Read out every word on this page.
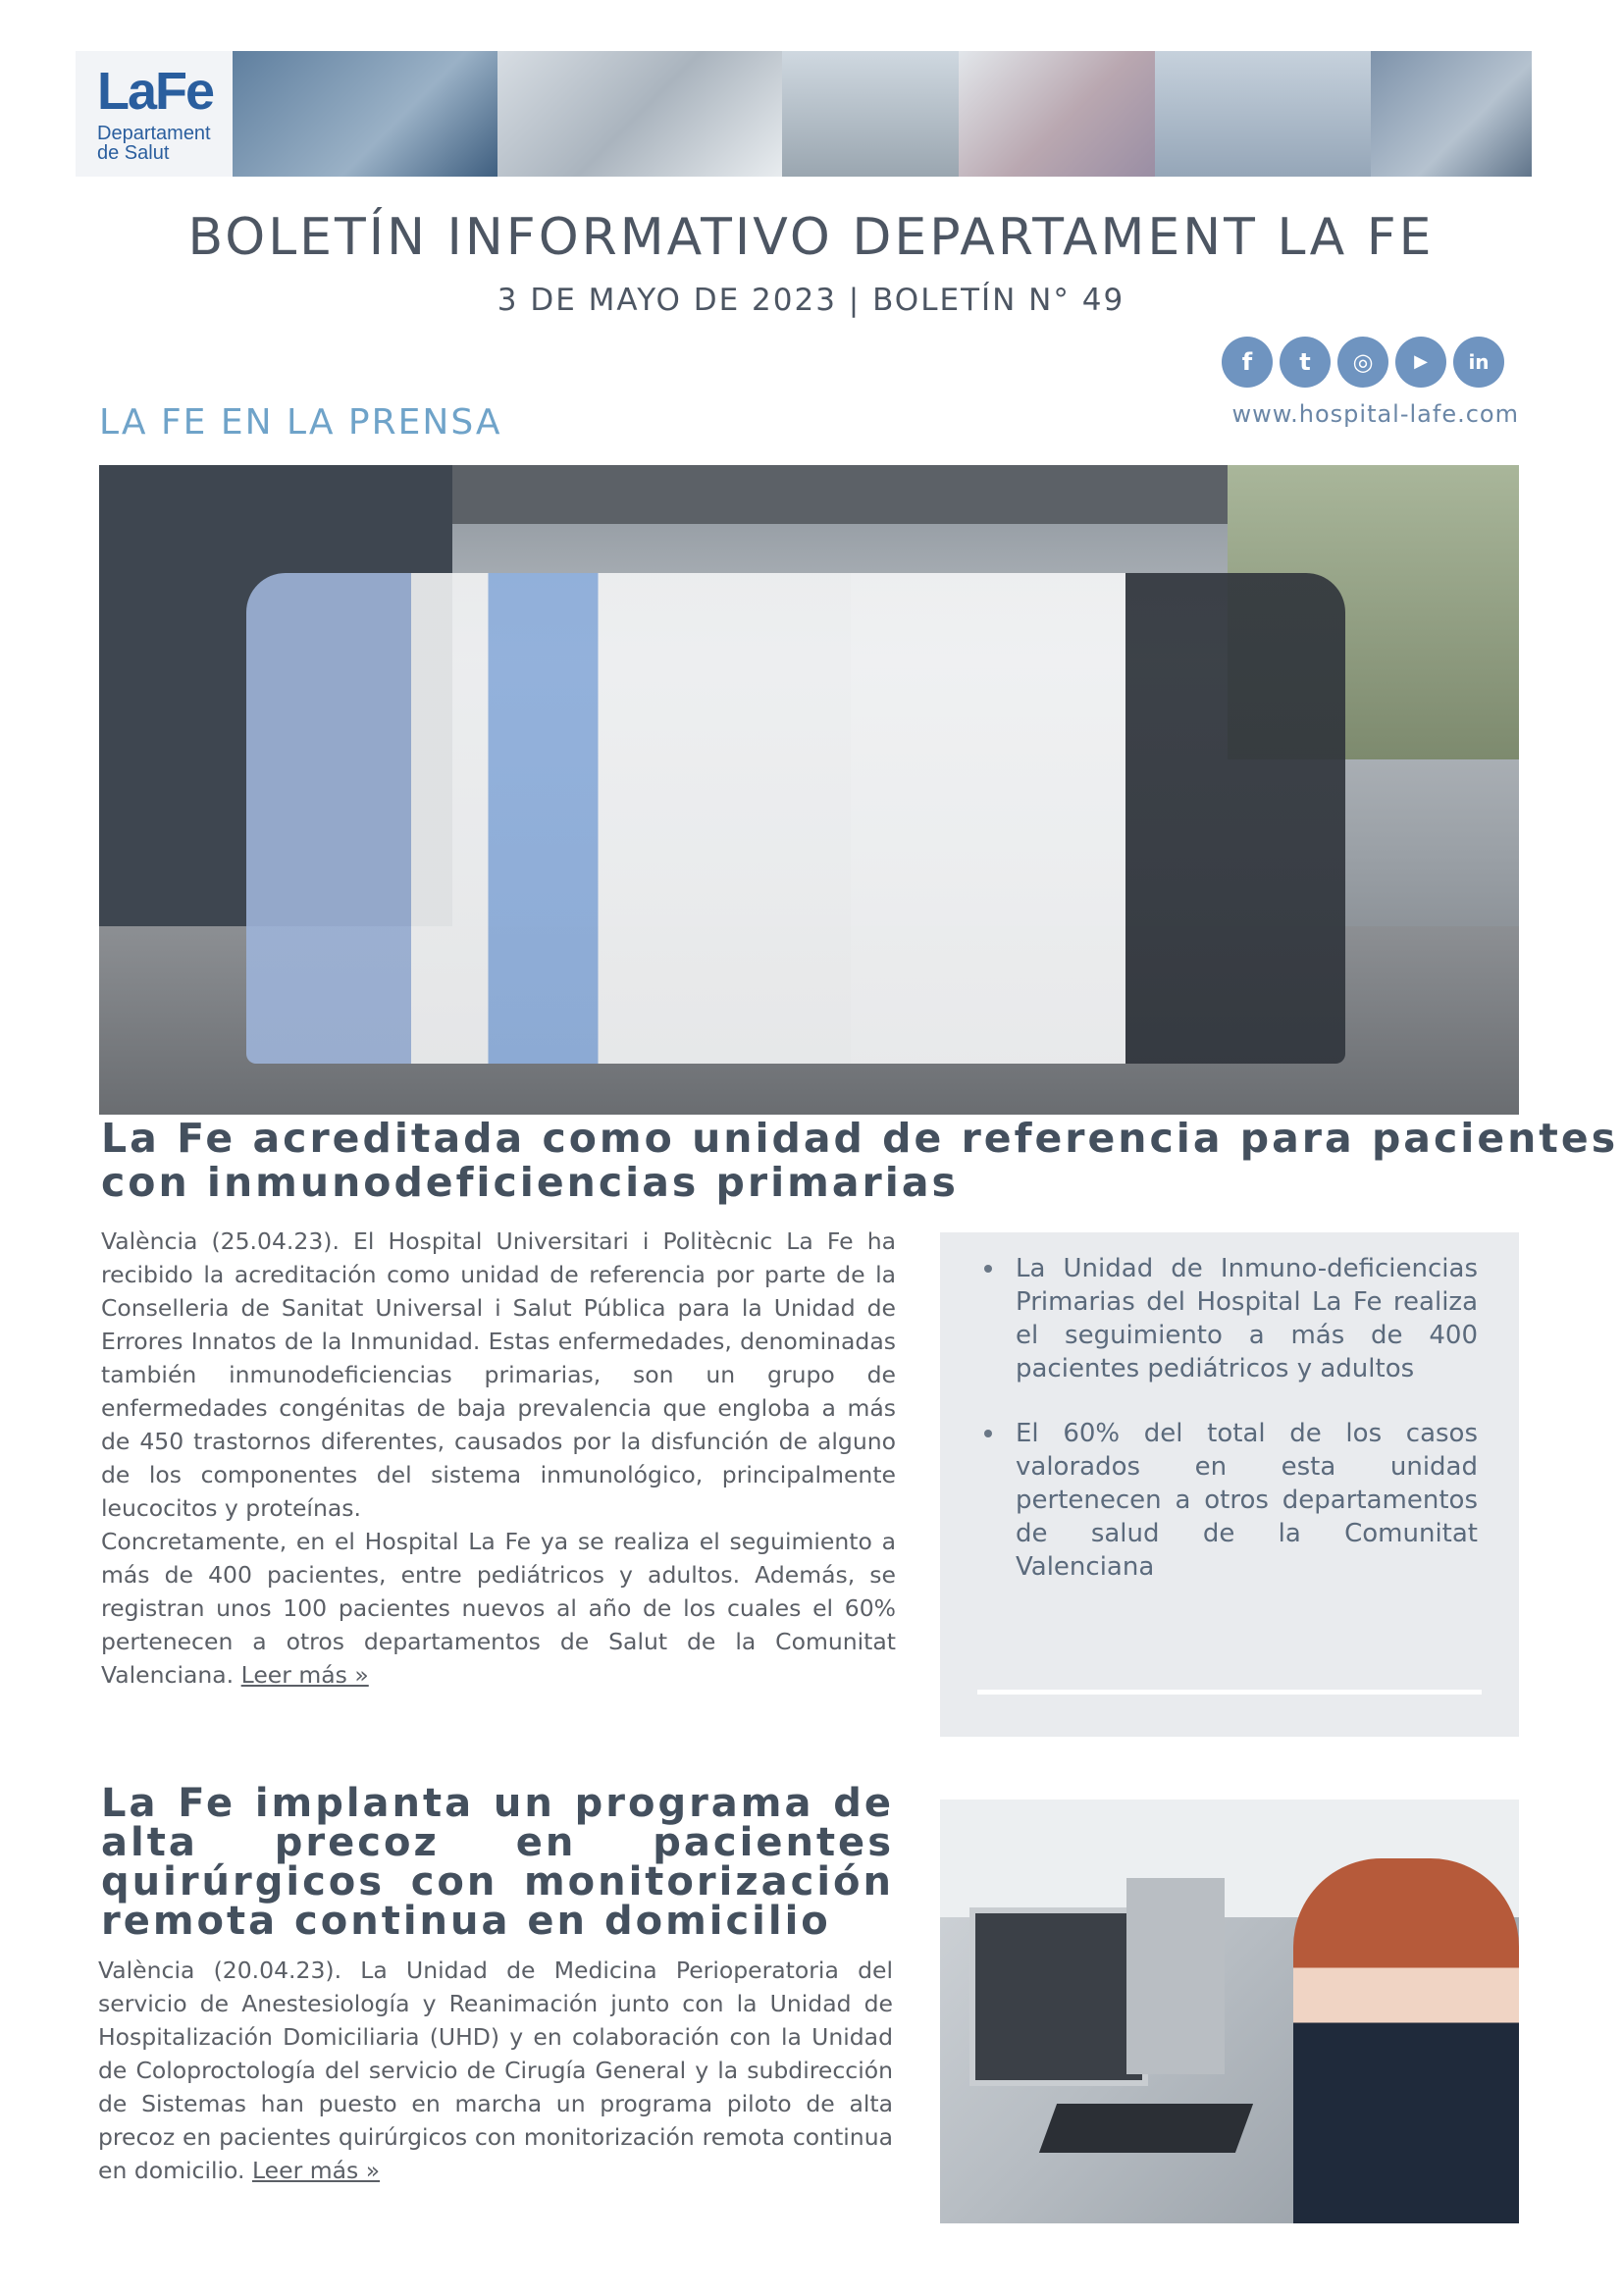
LaFe
Departament
de Salut
BOLETÍN INFORMATIVO DEPARTAMENT LA FE
3 DE MAYO DE 2023 | BOLETÍN N° 49
f	t	◎	▶	in
www.hospital-lafe.com
LA FE EN LA PRENSA
La Fe acreditada como unidad de referencia para pacientes
con inmunodeficiencias primarias
València (25.04.23). El Hospital Universitari i Politècnic La Fe ha recibido la acreditación como unidad de referencia por parte de la Conselleria de Sanitat Universal i Salut Pública para la Unidad de Errores Innatos de la Inmunidad. Estas enfermedades, denominadas también inmunodeficiencias primarias, son un grupo de enfermedades congénitas de baja prevalencia que engloba a más de 450 trastornos diferentes, causados por la disfunción de alguno de los componentes del sistema inmunológico, principalmente leucocitos y proteínas.
Concretamente, en el Hospital La Fe ya se realiza el seguimiento a más de 400 pacientes, entre pediátricos y adultos. Además, se registran unos 100 pacientes nuevos al año de los cuales el 60% pertenecen a otros departamentos de Salut de la Comunitat Valenciana. Leer más »
La Unidad de Inmuno-deficiencias Primarias del Hospital La Fe realiza el seguimiento a más de 400 pacientes pediátricos y adultos
El 60% del total de los casos valorados en esta unidad pertenecen a otros departamentos de salud de la Comunitat Valenciana
La Fe implanta un programa de alta precoz en pacientes quirúrgicos con monitorización remota continua en domicilio
València (20.04.23). La Unidad de Medicina Perioperatoria del servicio de Anestesiología y Reanimación junto con la Unidad de Hospitalización Domiciliaria (UHD) y en colaboración con la Unidad de Coloproctología del servicio de Cirugía General y la subdirección de Sistemas han puesto en marcha un programa piloto de alta precoz en pacientes quirúrgicos con monitorización remota continua en domicilio. Leer más »
